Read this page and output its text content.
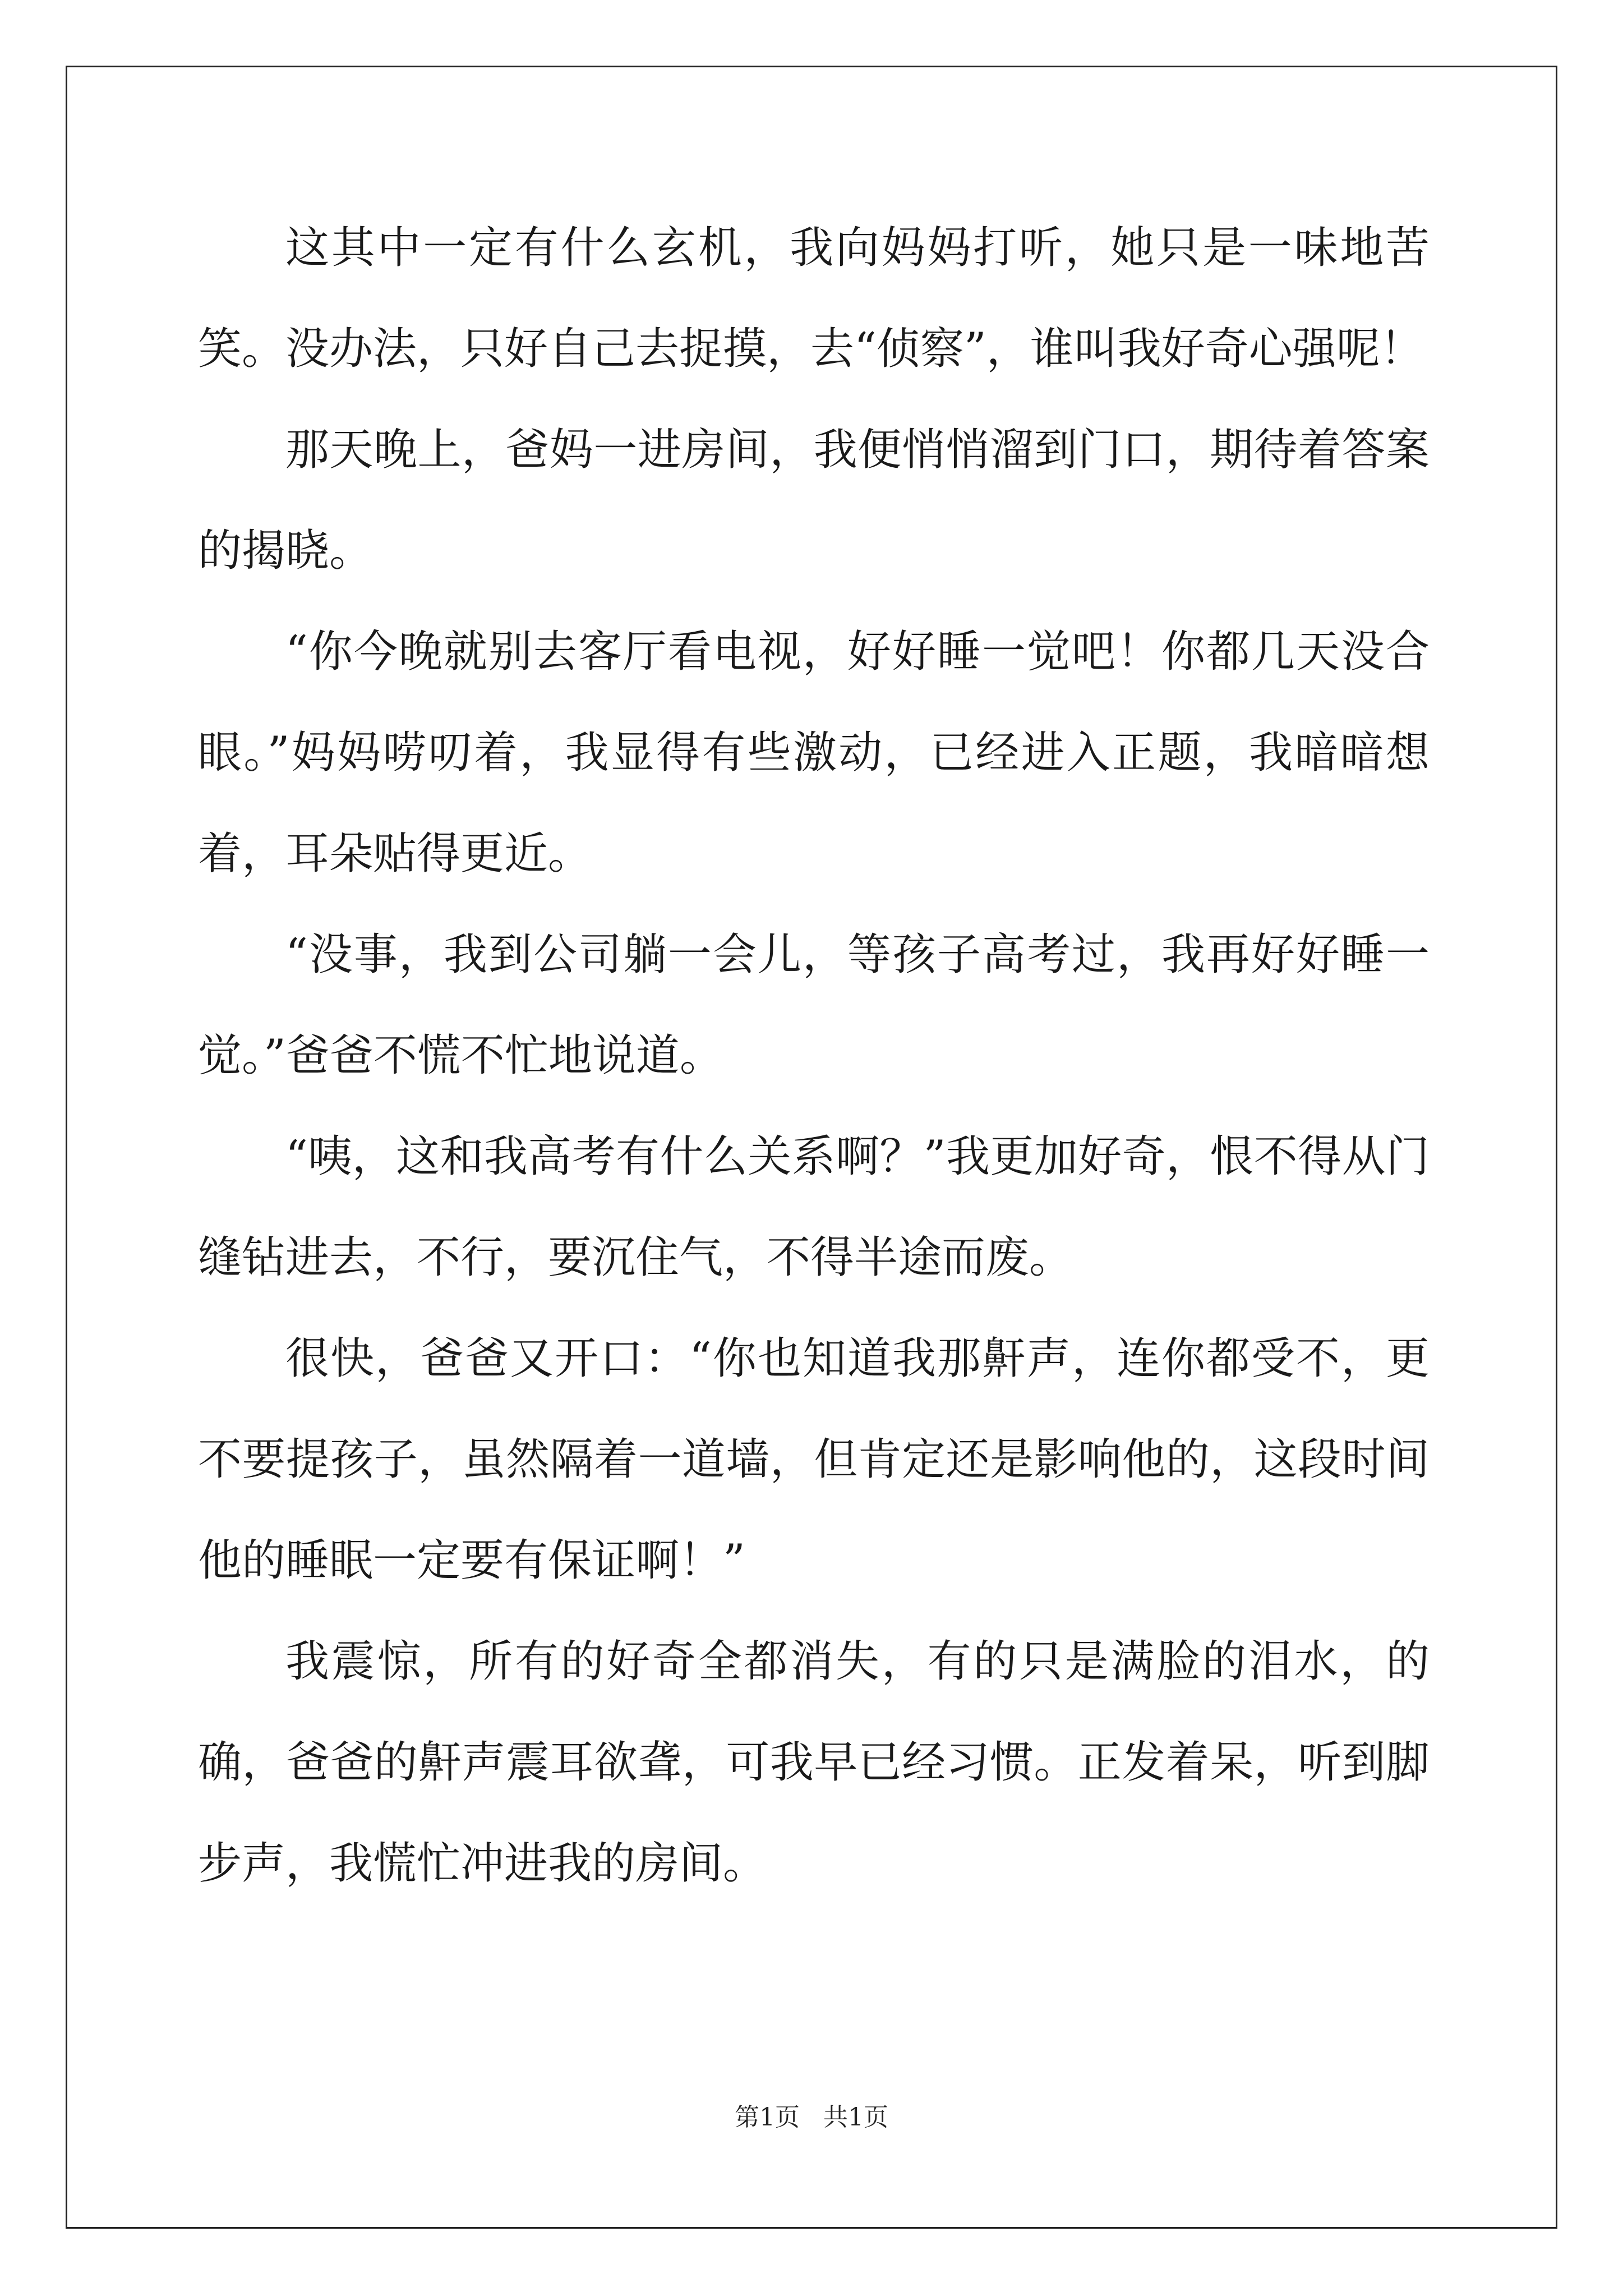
这其中一定有什么玄机，我向妈妈打听，她只是一味地苦笑。没办法，只好自己去捉摸，去“侦察”，谁叫我好奇心强呢！

那天晚上，爸妈一进房间，我便悄悄溜到门口，期待着答案的揭晓。

“你今晚就别去客厅看电视，好好睡一觉吧！你都几天没合眼。”妈妈唠叨着，我显得有些激动，已经进入正题，我暗暗想着，耳朵贴得更近。

“没事，我到公司躺一会儿，等孩子高考过，我再好好睡一觉。”爸爸不慌不忙地说道。

“咦，这和我高考有什么关系啊？”我更加好奇，恨不得从门缝钻进去，不行，要沉住气，不得半途而废。

很快，爸爸又开口：“你也知道我那鼾声，连你都受不，更不要提孩子，虽然隔着一道墙，但肯定还是影响他的，这段时间他的睡眠一定要有保证啊！”

我震惊，所有的好奇全都消失，有的只是满脸的泪水，的确，爸爸的鼾声震耳欲聋，可我早已经习惯。正发着呆，听到脚步声，我慌忙冲进我的房间。

第1页 共1页
